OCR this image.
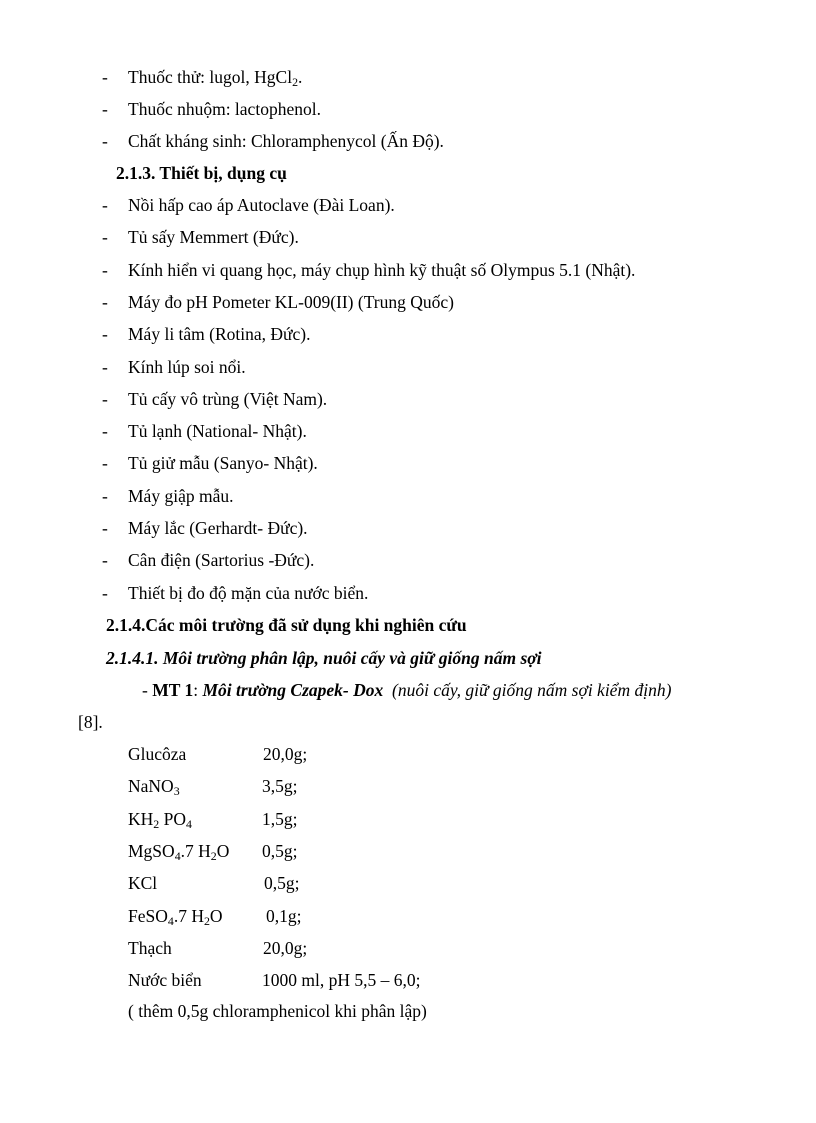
- Thuốc thử: lugol, HgCl$_2$.
- Thuốc nhuộm: lactophenol.
- Chất kháng sinh: Chloramphenycol (Ấn Độ).
2.1.3. Thiết bị, dụng cụ
- Nồi hấp cao áp Autoclave (Đài Loan).
- Tủ sấy Memmert (Đức).
- Kính hiển vi quang học, máy chụp hình kỹ thuật số Olympus 5.1 (Nhật).
- Máy đo pH Pometer KL-009(II) (Trung Quốc)
- Máy li tâm (Rotina, Đức).
- Kính lúp soi nổi.
- Tủ cấy vô trùng (Việt Nam).
- Tủ lạnh (National- Nhật).
- Tủ giử mẫu (Sanyo- Nhật).
- Máy giập mẫu.
- Máy lắc (Gerhardt- Đức).
- Cân điện (Sartorius -Đức).
- Thiết bị đo độ mặn của nước biển.
2.1.4.Các môi trường đã sử dụng khi nghiên cứu
2.1.4.1. Môi trường phân lập, nuôi cấy và giữ giống nấm sợi
- MT 1: Môi trường Czapek- Dox (nuôi cấy, giữ giống nấm sợi kiểm định)
[8].
Glucôza	20,0g;
NaNO$_3$	3,5g;
$KH_2$ $PO_4$	1,5g;
MgSO$_4$.7 $H_2O$ 0,5g;
KCl	0,5g;
FeSO$_4$.7 $H_2O$ 0,1g;
Thạch	20,0g;
Nước biển	1000 ml, pH 5,5 – 6,0;
( thêm 0,5g chloramphenicol khi phân lập)
